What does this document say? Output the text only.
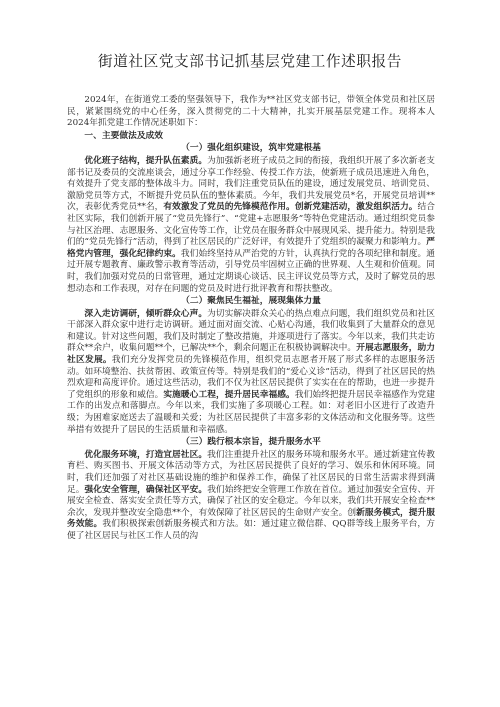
街道社区党支部书记抓基层党建工作述职报告

2024年，在街道党工委的坚强领导下，我作为**社区党支部书记，带领全体党员和社区居民，紧紧围绕党的中心任务，深入贯彻党的二十大精神，扎实开展基层党建工作。现将本人2024年抓党建工作情况述职如下：

一、主要做法及成效
（一）强化组织建设，筑牢党建根基

优化班子结构，提升队伍素质。为加强新老班子成员之间的衔接，我组织开展了多次新老支部书记及委员的交流座谈会，通过分享工作经验、传授工作方法，使新班子成员迅速进入角色，有效提升了党支部的整体战斗力。同时，我们注重党员队伍的建设，通过发展党员、培训党员、激励党员等方式，不断提升党员队伍的整体素质。今年，我们共发展党员*名，开展党员培训**次，表彰优秀党员**名，有效激发了党员的先锋模范作用。创新党建活动，激发组织活力。结合社区实际，我们创新开展了“党员先锋行”、“党建+志愿服务”等特色党建活动。通过组织党员参与社区治理、志愿服务、文化宣传等工作，让党员在服务群众中展现风采、提升能力。特别是我们的“党员先锋行”活动，得到了社区居民的广泛好评，有效提升了党组织的凝聚力和影响力。严格党内管理，强化纪律约束。我们始终坚持从严治党的方针，认真执行党的各项纪律和制度。通过开展专题教育、廉政警示教育等活动，引导党员牢固树立正确的世界观、人生观和价值观。同时，我们加强对党员的日常管理，通过定期谈心谈话、民主评议党员等方式，及时了解党员的思想动态和工作表现，对存在问题的党员及时进行批评教育和帮扶整改。

（二）聚焦民生福祉，展现集体力量

深入走访调研，倾听群众心声。为切实解决群众关心的热点难点问题，我们组织党员和社区干部深入群众家中进行走访调研。通过面对面交流、心贴心沟通，我们收集到了大量群众的意见和建议。针对这些问题，我们及时制定了整改措施，并逐项进行了落实。今年以来，我们共走访群众**余户，收集问题**个，已解决**个，剩余问题正在积极协调解决中。开展志愿服务，助力社区发展。我们充分发挥党员的先锋模范作用，组织党员志愿者开展了形式多样的志愿服务活动。如环境整治、扶贫帮困、政策宣传等。特别是我们的“爱心义诊”活动，得到了社区居民的热烈欢迎和高度评价。通过这些活动，我们不仅为社区居民提供了实实在在的帮助，也进一步提升了党组织的形象和威信。实施暖心工程，提升居民幸福感。我们始终把提升居民幸福感作为党建工作的出发点和落脚点。今年以来，我们实施了多项暖心工程。如：对老旧小区进行了改造升级；为困难家庭送去了温暖和关爱；为社区居民提供了丰富多彩的文体活动和文化服务等。这些举措有效提升了居民的生活质量和幸福感。

（三）践行根本宗旨，提升服务水平

优化服务环境，打造宜居社区。我们注重提升社区的服务环境和服务水平。通过新建宜传教育栏、购买图书、开展文体活动等方式，为社区居民提供了良好的学习、娱乐和休闲环境。同时，我们还加强了对社区基础设施的维护和保养工作，确保了社区居民的日常生活需求得到满足。强化安全管理，确保社区平安。我们始终把安全管理工作放在首位。通过加强安全宣传、开展安全检查、落实安全责任等方式，确保了社区的安全稳定。今年以来，我们共开展安全检查**余次，发现并整改安全隐患**个，有效保障了社区居民的生命财产安全。创新服务模式，提升服务效能。我们积极探索创新服务模式和方法。如：通过建立微信群、QQ群等线上服务平台，方便了社区居民与社区工作人员的沟
